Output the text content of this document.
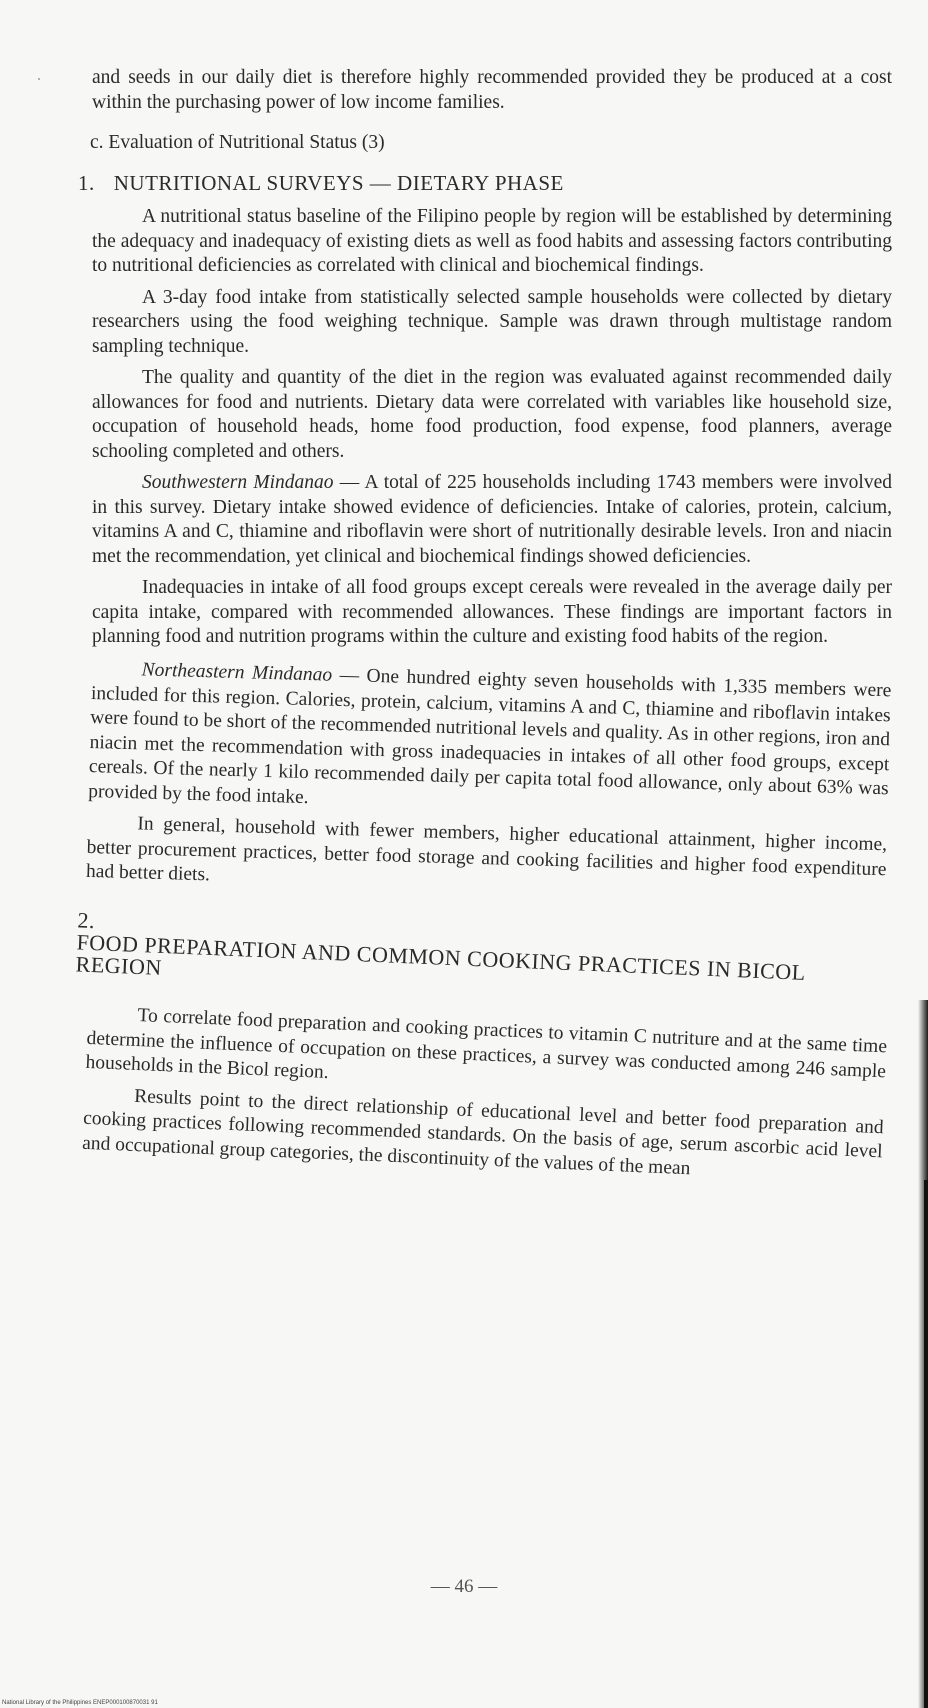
and seeds in our daily diet is therefore highly recommended provided they be produced at a cost within the purchasing power of low income families.

c. Evaluation of Nutritional Status (3)
1. NUTRITIONAL SURVEYS — DIETARY PHASE

A nutritional status baseline of the Filipino people by region will be established by determining the adequacy and inadequacy of existing diets as well as food habits and assessing factors contributing to nutritional deficiencies as correlated with clinical and biochemical findings.

A 3-day food intake from statistically selected sample households were collected by dietary researchers using the food weighing technique. Sample was drawn through multistage random sampling technique.

The quality and quantity of the diet in the region was evaluated against recommended daily allowances for food and nutrients. Dietary data were correlated with variables like household size, occupation of household heads, home food production, food expense, food planners, average schooling completed and others.

Southwestern Mindanao — A total of 225 households including 1743 members were involved in this survey. Dietary intake showed evidence of deficiencies. Intake of calories, protein, calcium, vitamins A and C, thiamine and riboflavin were short of nutritionally desirable levels. Iron and niacin met the recommendation, yet clinical and biochemical findings showed deficiencies.

Inadequacies in intake of all food groups except cereals were revealed in the average daily per capita intake, compared with recommended allowances. These findings are important factors in planning food and nutrition programs within the culture and existing food habits of the region.

Northeastern Mindanao — One hundred eighty seven households with 1,335 members were included for this region. Calories, protein, calcium, vitamins A and C, thiamine and riboflavin intakes were found to be short of the recommended nutritional levels and quality. As in other regions, iron and niacin met the recommendation with gross inadequacies in intakes of all other food groups, except cereals. Of the nearly 1 kilo recommended daily per capita total food allowance, only about 63% was provided by the food intake.

In general, household with fewer members, higher educational attainment, higher income, better procurement practices, better food storage and cooking facilities and higher food expenditure had better diets.

2. FOOD PREPARATION AND COMMON COOKING PRACTICES IN BICOL REGION

To correlate food preparation and cooking practices to vitamin C nutriture and at the same time determine the influence of occupation on these practices, a survey was conducted among 246 sample households in the Bicol region.

Results point to the direct relationship of educational level and better food preparation and cooking practices following recommended standards. On the basis of age, serum ascorbic acid level and occupational group categories, the discontinuity of the values of the mean

— 46 —
National Library of the Philippines ENEP000100870031 91
